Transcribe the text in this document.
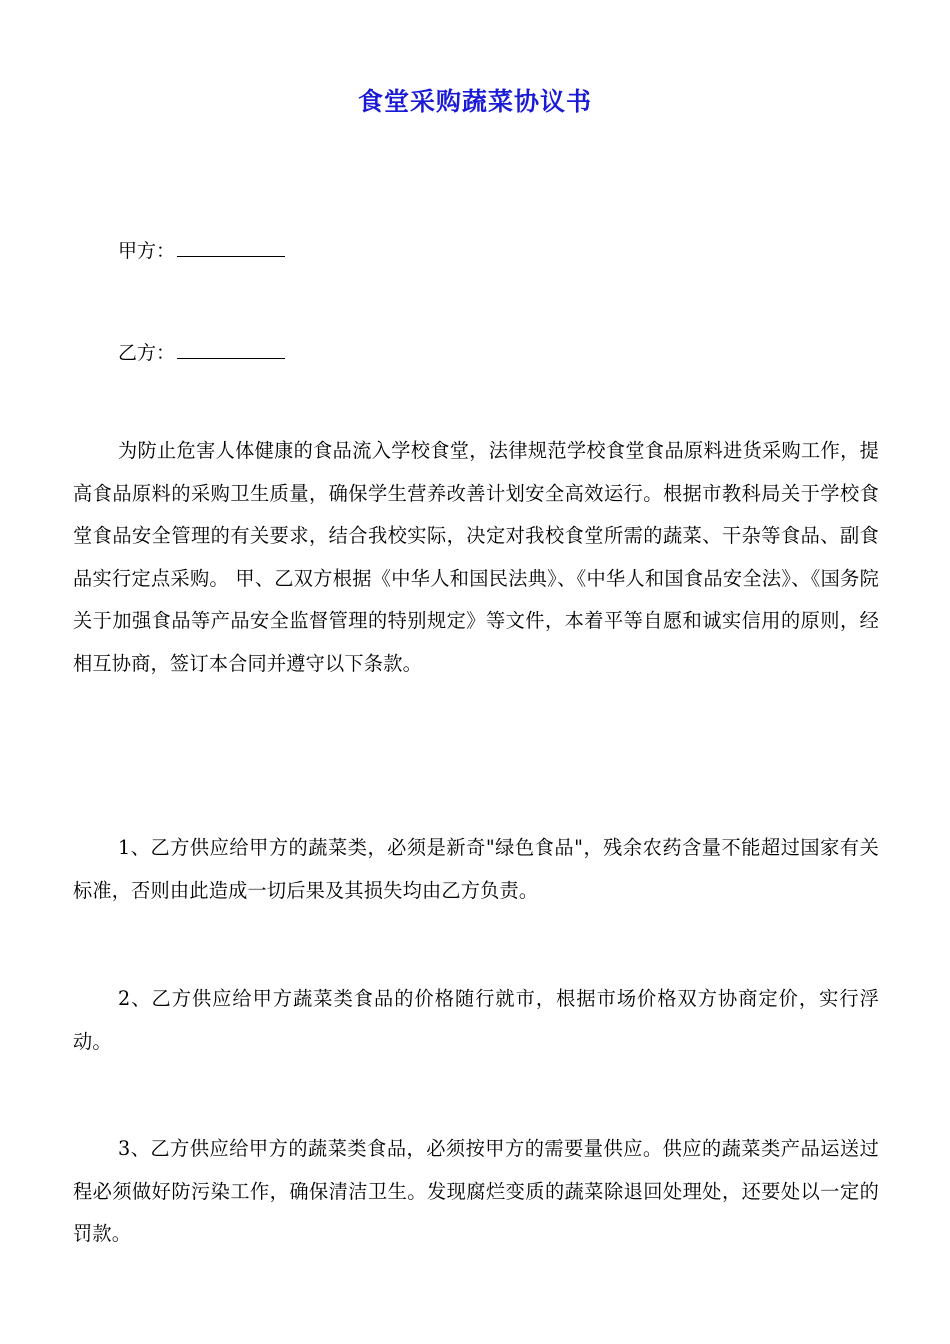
食堂采购蔬菜协议书
甲方：
乙方：

为防止危害人体健康的食品流入学校食堂，法律规范学校食堂食品原料进货采购工作，提高食品原料的采购卫生质量，确保学生营养改善计划安全高效运行。根据市教科局关于学校食堂食品安全管理的有关要求，结合我校实际，决定对我校食堂所需的蔬菜、干杂等食品、副食品实行定点采购。 甲、乙双方根据《中华人和国民法典》、《中华人和国食品安全法》、《国务院关于加强食品等产品安全监督管理的特别规定》等文件，本着平等自愿和诚实信用的原则，经相互协商，签订本合同并遵守以下条款。

1、乙方供应给甲方的蔬菜类，必须是新奇"绿色食品"，残余农药含量不能超过国家有关标准，否则由此造成一切后果及其损失均由乙方负责。

2、乙方供应给甲方蔬菜类食品的价格随行就市，根据市场价格双方协商定价，实行浮动。

3、乙方供应给甲方的蔬菜类食品，必须按甲方的需要量供应。供应的蔬菜类产品运送过程必须做好防污染工作，确保清洁卫生。发现腐烂变质的蔬菜除退回处理处，还要处以一定的罚款。
